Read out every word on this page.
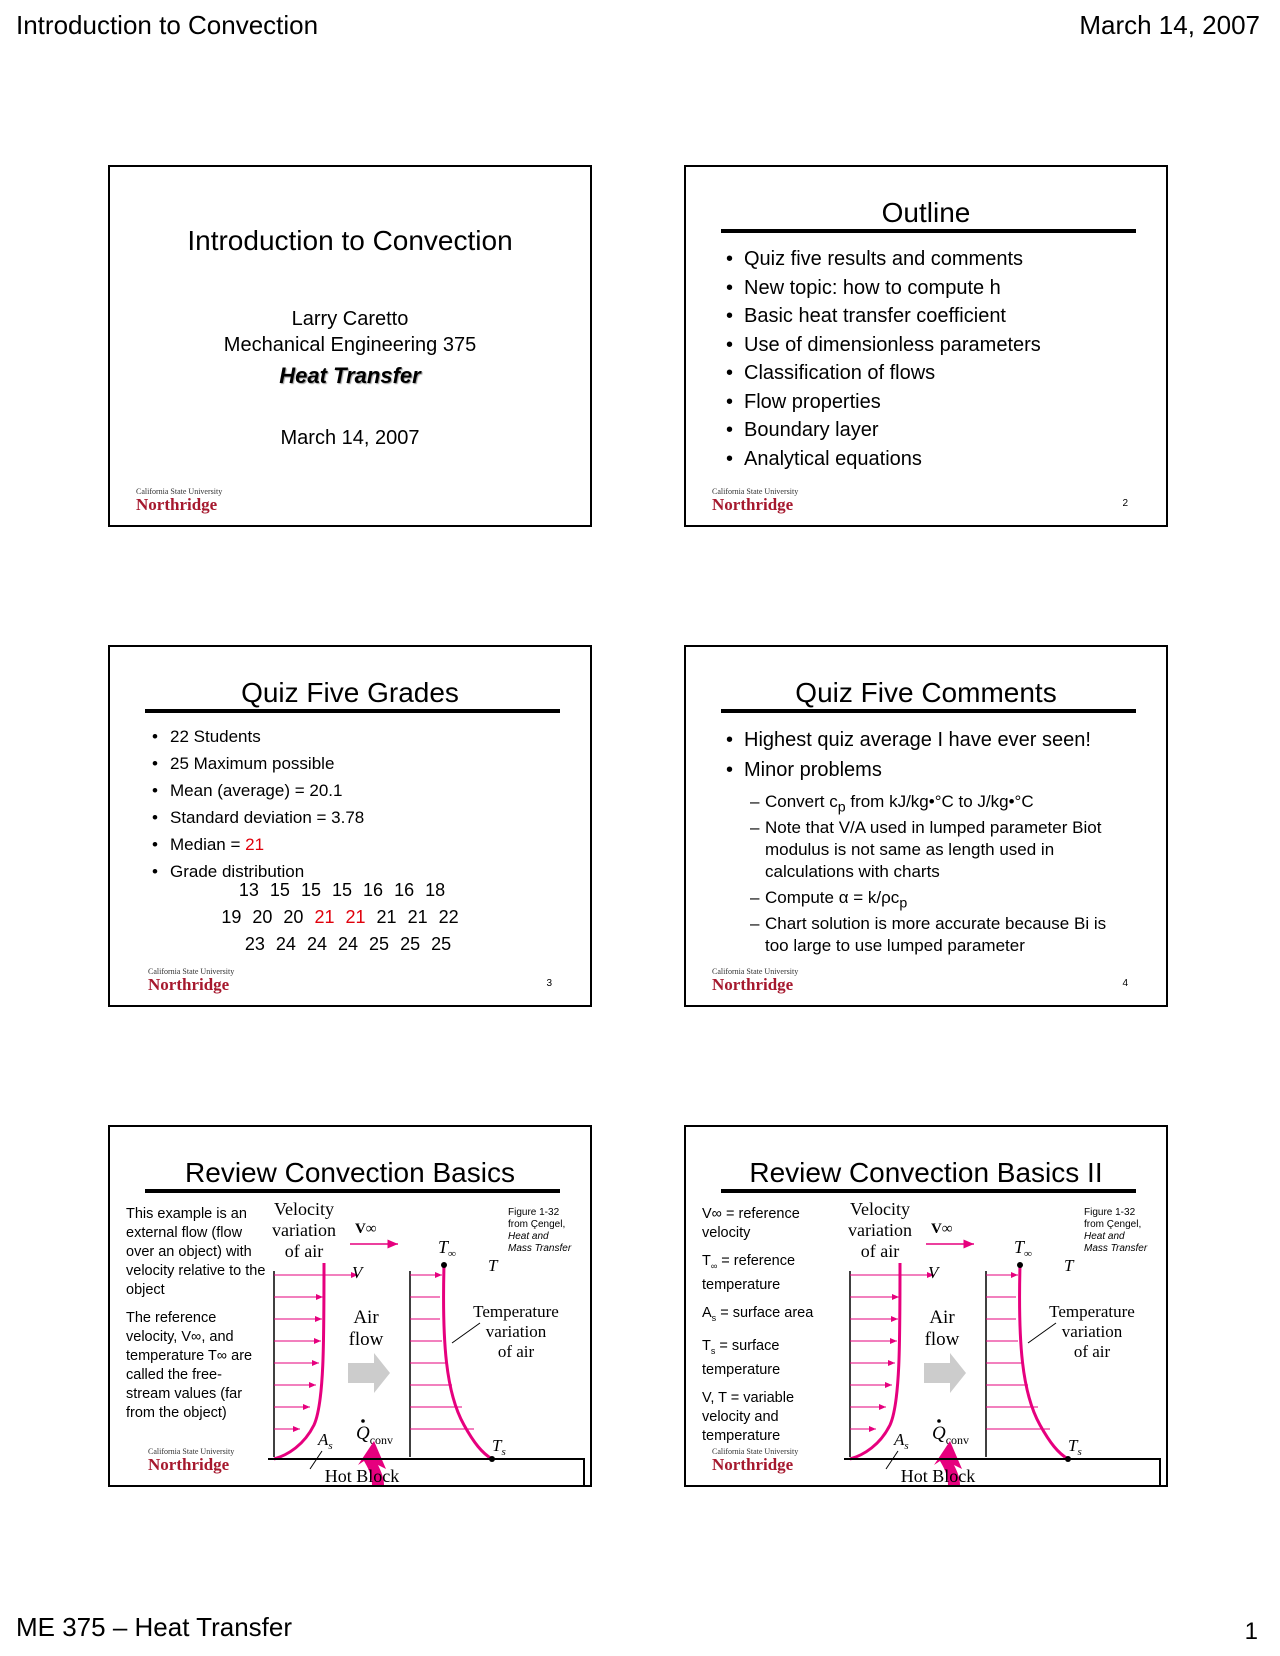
Introduction to Convection	March 14, 2007
Introduction to Convection
Larry Caretto
Mechanical Engineering 375
Heat Transfer
March 14, 2007
California State University
Northridge
Outline
• Quiz five results and comments
• New topic: how to compute h
• Basic heat transfer coefficient
• Use of dimensionless parameters
• Classification of flows
• Flow properties
• Boundary layer
• Analytical equations
California State University
Northridge	2
Quiz Five Grades
• 22 Students
• 25 Maximum possible
• Mean (average) = 20.1
• Standard deviation = 3.78
• Median = 21
• Grade distribution
13 15 15 15 16 16 18
19 20 20 21 21 21 21 22
23 24 24 24 25 25 25
California State University
Northridge	3
Quiz Five Comments
• Highest quiz average I have ever seen!
• Minor problems
– Convert $c_p$ from kJ/kg•°C to J/kg•°C
– Note that V/A used in lumped parameter Biot modulus is not same as length used in calculations with charts
– Compute $\alpha = k/\rho c_p$
– Chart solution is more accurate because Bi is too large to use lumped parameter
California State University
Northridge	4
Review Convection Basics

This example is an external flow (flow over an object) with velocity relative to the object

The reference velocity, V∞, and temperature T∞ are called the free-stream values (far from the object)

Figure 1-32
from Çengel,
Heat and
Mass Transfer
Velocity
variation
of air
V∞
$T_\infty$
V
Air
flow
$Q_{conv}$
$A_s$
T
Temperature
variation
of air
$T_s$
Hot Block
California State University
Northridge
Review Convection Basics II

V∞ = reference velocity

$T_\infty$ = reference temperature

$A_s$ = surface area

$T_s$ = surface temperature

V, T = variable velocity and temperature

Figure 1-32
from Çengel,
Heat and
Mass Transfer
Velocity
variation
of air
V∞
$T_\infty$
V
Air
flow
$Q_{conv}$
$A_s$
T
Temperature
variation
of air
$T_s$
Hot Block
California State University
Northridge
ME 375 – Heat Transfer	1
